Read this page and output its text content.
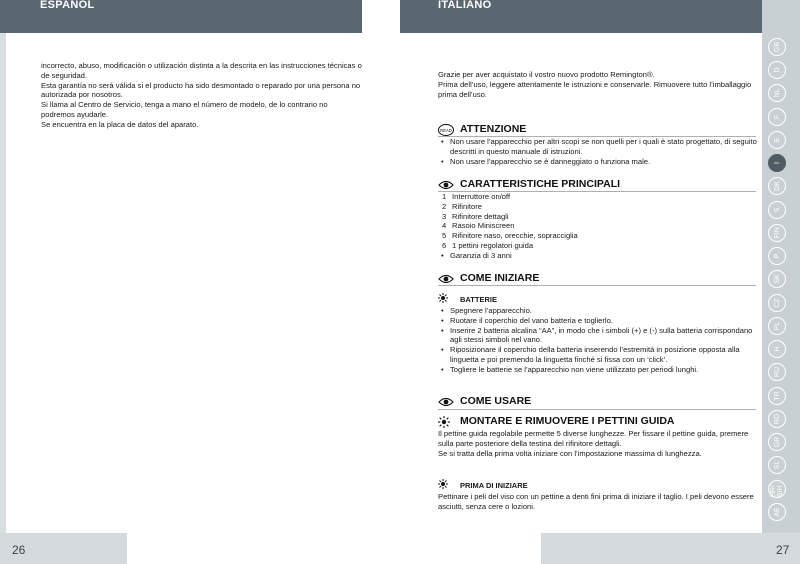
ESPAÑOL	ITALIANO

incorrecto, abuso, modificación o utilización distinta a la descrita en las instrucciones técnicas o de seguridad.

Esta garantía no será válida si el producto ha sido desmontado o reparado por una persona no autorizada por nosotros.

Si llama al Centro de Servicio, tenga a mano el número de modelo, de lo contrario no podremos ayudarle.

Se encuentra en la placa de datos del aparato.

Grazie per aver acquistato il vostro nuovo prodotto Remington®.

Prima dell’uso, leggere attentamente le istruzioni e conservarle. Rimuovere tutto l’imballaggio prima dell’uso.

READ ATTENZIONE
• Non usare l’apparecchio per altri scopi se non quelli per i quali è stato progettato, di seguito descritti in questo manuale di istruzioni.
• Non usare l’apparecchio se è danneggiato o funziona male.
CARATTERISTICHE PRINCIPALI
1 Interruttore on/off
2 Rifinitore
3 Rifinitore dettagli
4 Rasoio Miniscreen
5 Rifinitore naso, orecchie, sopracciglia
6 1 pettini regolatori guida
• Garanzia di 3 anni
COME INIZIARE
BATTERIE
• Spegnere l’apparecchio.
• Ruotare il coperchio del vano batteria e toglierlo.
• Inserire 2 batteria alcalina “AA”, in modo che i simboli (+) e (-) sulla batteria corrispondano agli stessi simboli nel vano.
• Riposizionare il coperchio della batteria inserendo l’estremità in posizione opposta alla linguetta e poi premendo la linguetta finché si fissa con un ‘click’.
• Togliere le batterie se l’apparecchio non viene utilizzato per periodi lunghi.
COME USARE
MONTARE E RIMUOVERE I PETTINI GUIDA

Il pettine guida regolabile permette 5 diverse lunghezze. Per fissare il pettine guida, premere sulla parte posteriore della testina del rifinitore dettagli.

Se si tratta della prima volta iniziare con l’impostazione massima di lunghezza.

PRIMA DI INIZIARE

Pettinare i peli del viso con un pettine a denti fini prima di iniziare il taglio. I peli devono essere asciutti, senza cere o lozioni.

GB
D
NL
F
E
I
DK
S
FIN
P
SK
CZ
PL
H
RU
TR
RO
GR
SL
HR/ BIH
AE
26	27
